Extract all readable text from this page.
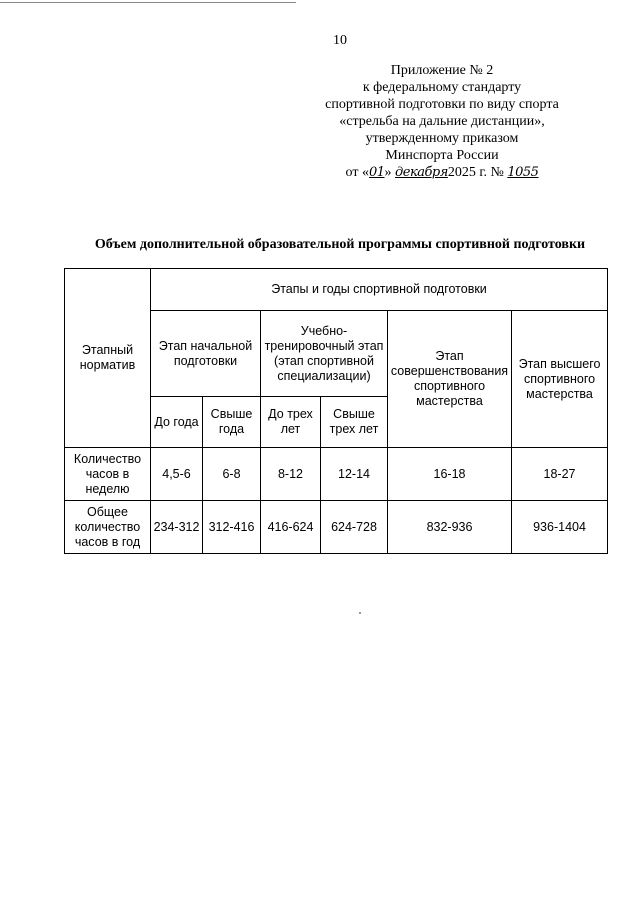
10
Приложение № 2
к федеральному стандарту
спортивной подготовки по виду спорта
«стрельба на дальние дистанции»,
утвержденному приказом
Минспорта России
от «01» декабря2025 г. № 1055
Объем дополнительной образовательной программы спортивной подготовки
Этапный норматив	Этапы и годы спортивной подготовки					
	Этап начальной подготовки		Учебно-тренировочный этап (этап спортивной специализации)		Этап совершенствования спортивного мастерства	Этап высшего спортивного мастерства
	До года	Свыше года	До трех лет	Свыше трех лет		
Количество часов в неделю	4,5-6	6-8	8-12	12-14	16-18	18-27
Общее количество часов в год	234-312	312-416	416-624	624-728	832-936	936-1404
